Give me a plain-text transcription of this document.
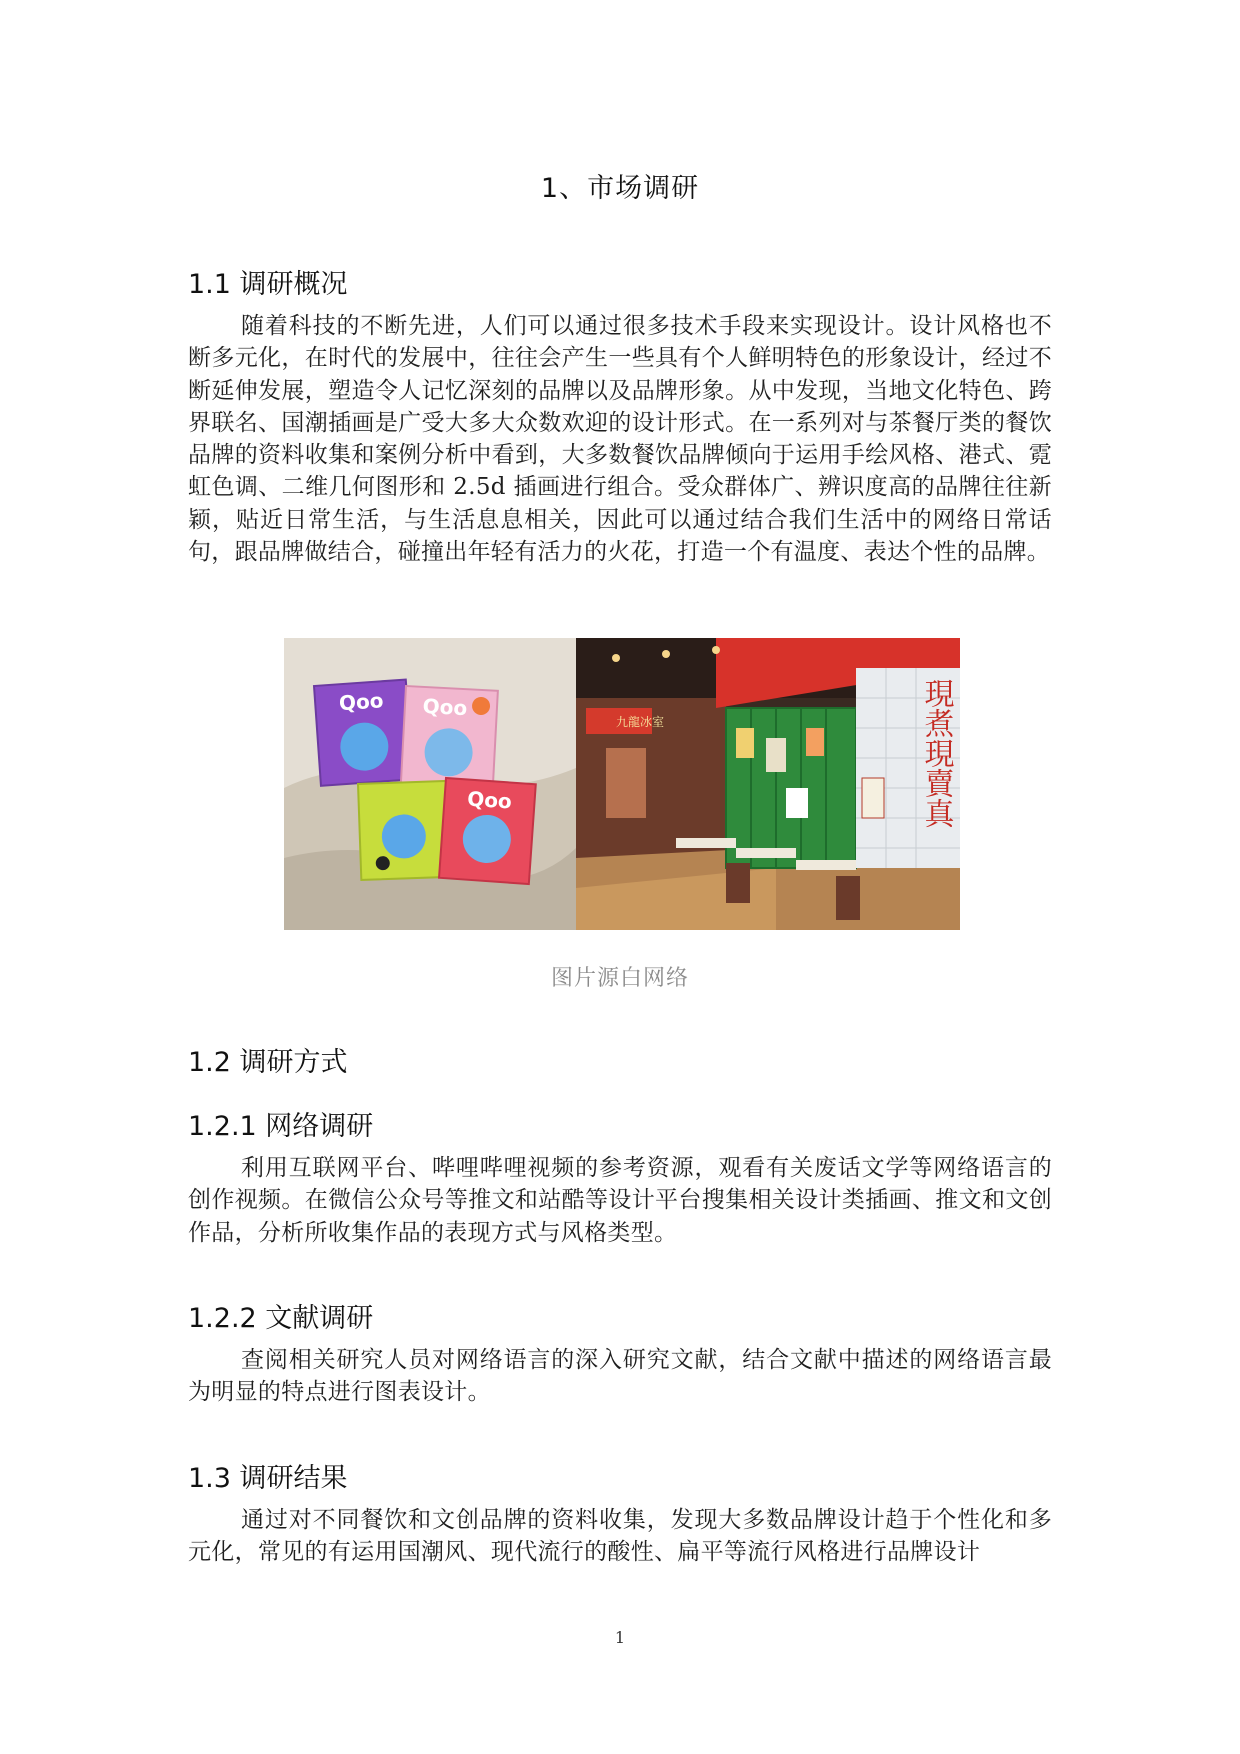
1、市场调研
1.1 调研概况

随着科技的不断先进，人们可以通过很多技术手段来实现设计。设计风格也不断多元化，在时代的发展中，往往会产生一些具有个人鲜明特色的形象设计，经过不断延伸发展，塑造令人记忆深刻的品牌以及品牌形象。从中发现，当地文化特色、跨界联名、国潮插画是广受大多大众数欢迎的设计形式。在一系列对与茶餐厅类的餐饮品牌的资料收集和案例分析中看到，大多数餐饮品牌倾向于运用手绘风格、港式、霓虹色调、二维几何图形和 2.5d 插画进行组合。受众群体广、辨识度高的品牌往往新颖，贴近日常生活，与生活息息相关，因此可以通过结合我们生活中的网络日常话句，跟品牌做结合，碰撞出年轻有活力的火花，打造一个有温度、表达个性的品牌。

Qoo Qoo
Qoo
九龍冰室	現煮現賣真
图片源白网络
1.2 调研方式
1.2.1 网络调研

利用互联网平台、哔哩哔哩视频的参考资源，观看有关废话文学等网络语言的创作视频。在微信公众号等推文和站酷等设计平台搜集相关设计类插画、推文和文创作品，分析所收集作品的表现方式与风格类型。

1.2.2 文献调研

查阅相关研究人员对网络语言的深入研究文献，结合文献中描述的网络语言最为明显的特点进行图表设计。

1.3 调研结果

通过对不同餐饮和文创品牌的资料收集，发现大多数品牌设计趋于个性化和多元化，常见的有运用国潮风、现代流行的酸性、扁平等流行风格进行品牌设计

1
